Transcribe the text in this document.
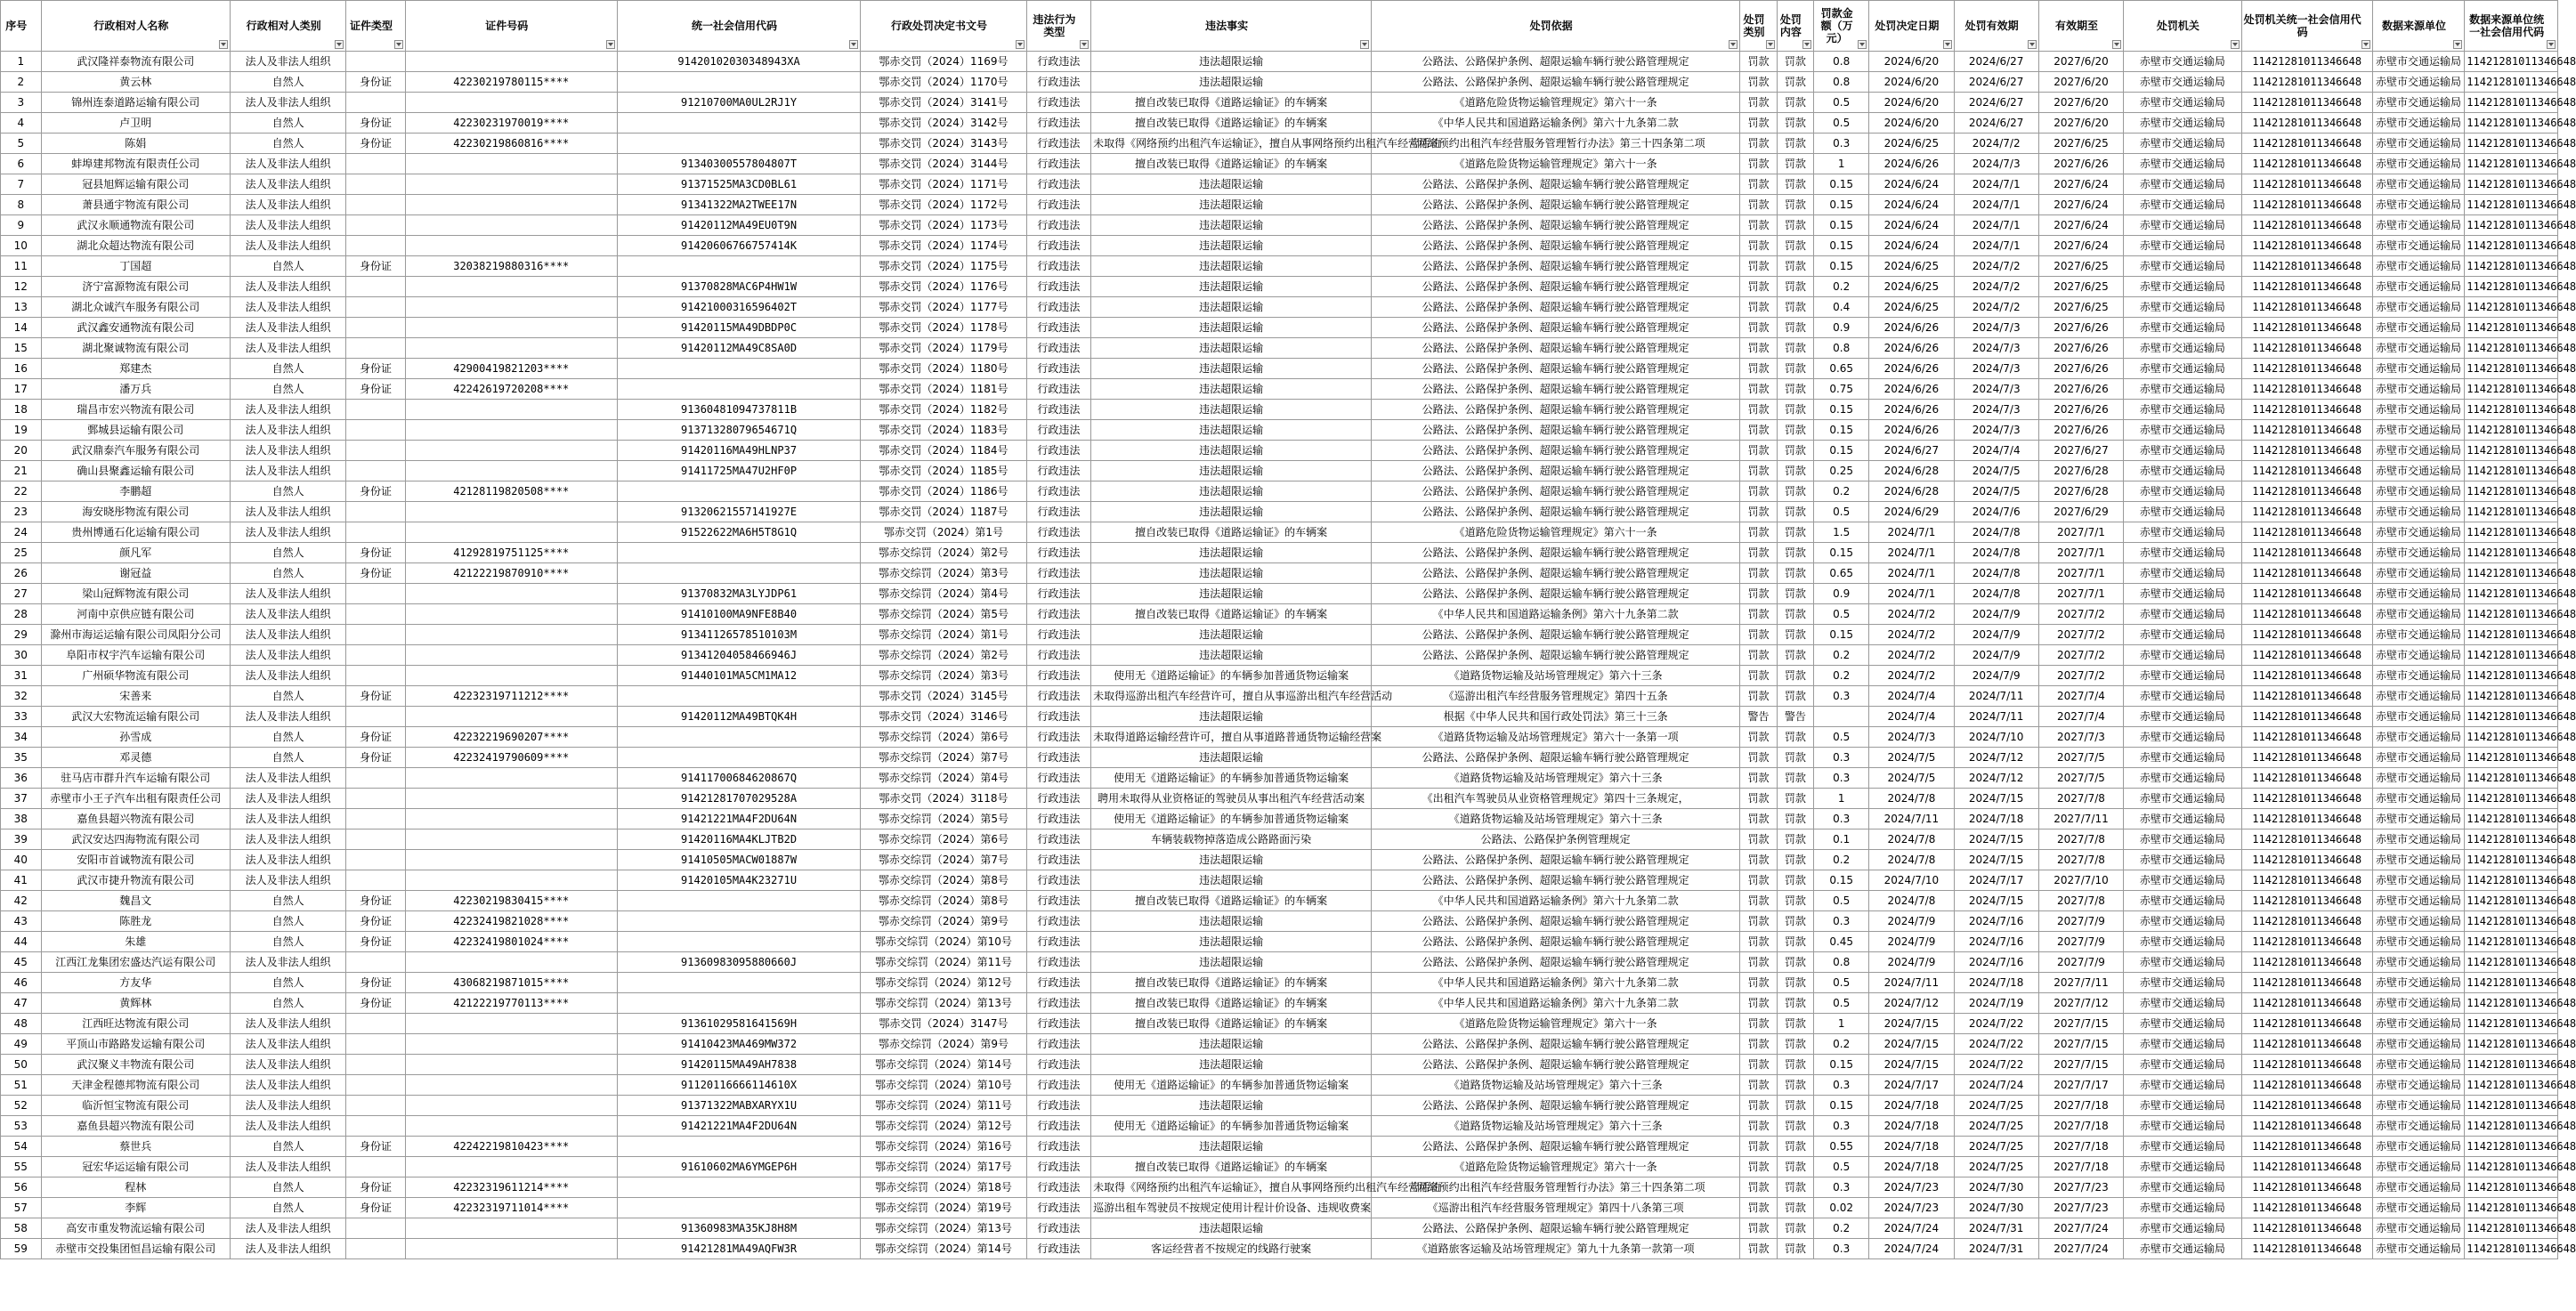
序号	行政相对人名称	行政相对人类别	证件类型	证件号码	统一社会信用代码	行政处罚决定书文号	违法行为类型	违法事实	处罚依据	处罚类别	处罚内容	罚款金额（万元）	处罚决定日期	处罚有效期	有效期至	处罚机关	处罚机关统一社会信用代码	数据来源单位	数据来源单位统一社会信用代码

1	武汉隆祥泰物流有限公司	法人及非法人组织			91420102030348943XA	鄂赤交罚（2024）1169号	行政违法	违法超限运输	公路法、公路保护条例、超限运输车辆行驶公路管理规定	罚款	罚款	0.8	2024/6/20	2024/6/27	2027/6/20	赤壁市交通运输局	11421281011346648	赤壁市交通运输局	11421281011346648
2	黄云林	自然人	身份证	42230219780115****		鄂赤交罚（2024）1170号	行政违法	违法超限运输	公路法、公路保护条例、超限运输车辆行驶公路管理规定	罚款	罚款	0.8	2024/6/20	2024/6/27	2027/6/20	赤壁市交通运输局	11421281011346648	赤壁市交通运输局	11421281011346648
3	锦州连泰道路运输有限公司	法人及非法人组织			91210700MA0UL2RJ1Y	鄂赤交罚（2024）3141号	行政违法	擅自改装已取得《道路运输证》的车辆案	《道路危险货物运输管理规定》第六十一条	罚款	罚款	0.5	2024/6/20	2024/6/27	2027/6/20	赤壁市交通运输局	11421281011346648	赤壁市交通运输局	11421281011346648
4	卢卫明	自然人	身份证	42230231970019****		鄂赤交罚（2024）3142号	行政违法	擅自改装已取得《道路运输证》的车辆案	《中华人民共和国道路运输条例》第六十九条第二款	罚款	罚款	0.5	2024/6/20	2024/6/27	2027/6/20	赤壁市交通运输局	11421281011346648	赤壁市交通运输局	11421281011346648
5	陈娟	自然人	身份证	42230219860816****		鄂赤交罚（2024）3143号	行政违法	未取得《网络预约出租汽车运输证》，擅自从事网络预约出租汽车经营活动	《网络预约出租汽车经营服务管理暂行办法》第三十四条第二项	罚款	罚款	0.3	2024/6/25	2024/7/2	2027/6/25	赤壁市交通运输局	11421281011346648	赤壁市交通运输局	11421281011346648
6	蚌埠建邦物流有限责任公司	法人及非法人组织			91340300557804807T	鄂赤交罚（2024）3144号	行政违法	擅自改装已取得《道路运输证》的车辆案	《道路危险货物运输管理规定》第六十一条	罚款	罚款	1	2024/6/26	2024/7/3	2027/6/26	赤壁市交通运输局	11421281011346648	赤壁市交通运输局	11421281011346648
7	冠县旭辉运输有限公司	法人及非法人组织			91371525MA3CD0BL61	鄂赤交罚（2024）1171号	行政违法	违法超限运输	公路法、公路保护条例、超限运输车辆行驶公路管理规定	罚款	罚款	0.15	2024/6/24	2024/7/1	2027/6/24	赤壁市交通运输局	11421281011346648	赤壁市交通运输局	11421281011346648
8	萧县通宇物流有限公司	法人及非法人组织			91341322MA2TWEE17N	鄂赤交罚（2024）1172号	行政违法	违法超限运输	公路法、公路保护条例、超限运输车辆行驶公路管理规定	罚款	罚款	0.15	2024/6/24	2024/7/1	2027/6/24	赤壁市交通运输局	11421281011346648	赤壁市交通运输局	11421281011346648
9	武汉永顺通物流有限公司	法人及非法人组织			91420112MA49EU0T9N	鄂赤交罚（2024）1173号	行政违法	违法超限运输	公路法、公路保护条例、超限运输车辆行驶公路管理规定	罚款	罚款	0.15	2024/6/24	2024/7/1	2027/6/24	赤壁市交通运输局	11421281011346648	赤壁市交通运输局	11421281011346648
10	湖北众超达物流有限公司	法人及非法人组织			91420606766757414K	鄂赤交罚（2024）1174号	行政违法	违法超限运输	公路法、公路保护条例、超限运输车辆行驶公路管理规定	罚款	罚款	0.15	2024/6/24	2024/7/1	2027/6/24	赤壁市交通运输局	11421281011346648	赤壁市交通运输局	11421281011346648
11	丁国超	自然人	身份证	32038219880316****		鄂赤交罚（2024）1175号	行政违法	违法超限运输	公路法、公路保护条例、超限运输车辆行驶公路管理规定	罚款	罚款	0.15	2024/6/25	2024/7/2	2027/6/25	赤壁市交通运输局	11421281011346648	赤壁市交通运输局	11421281011346648
12	济宁富源物流有限公司	法人及非法人组织			91370828MAC6P4HW1W	鄂赤交罚（2024）1176号	行政违法	违法超限运输	公路法、公路保护条例、超限运输车辆行驶公路管理规定	罚款	罚款	0.2	2024/6/25	2024/7/2	2027/6/25	赤壁市交通运输局	11421281011346648	赤壁市交通运输局	11421281011346648
13	湖北众诚汽车服务有限公司	法人及非法人组织			91421000316596402T	鄂赤交罚（2024）1177号	行政违法	违法超限运输	公路法、公路保护条例、超限运输车辆行驶公路管理规定	罚款	罚款	0.4	2024/6/25	2024/7/2	2027/6/25	赤壁市交通运输局	11421281011346648	赤壁市交通运输局	11421281011346648
14	武汉鑫安通物流有限公司	法人及非法人组织			91420115MA49DBDP0C	鄂赤交罚（2024）1178号	行政违法	违法超限运输	公路法、公路保护条例、超限运输车辆行驶公路管理规定	罚款	罚款	0.9	2024/6/26	2024/7/3	2027/6/26	赤壁市交通运输局	11421281011346648	赤壁市交通运输局	11421281011346648
15	湖北聚诚物流有限公司	法人及非法人组织			91420112MA49C8SA0D	鄂赤交罚（2024）1179号	行政违法	违法超限运输	公路法、公路保护条例、超限运输车辆行驶公路管理规定	罚款	罚款	0.8	2024/6/26	2024/7/3	2027/6/26	赤壁市交通运输局	11421281011346648	赤壁市交通运输局	11421281011346648
16	郑建杰	自然人	身份证	42900419821203****		鄂赤交罚（2024）1180号	行政违法	违法超限运输	公路法、公路保护条例、超限运输车辆行驶公路管理规定	罚款	罚款	0.65	2024/6/26	2024/7/3	2027/6/26	赤壁市交通运输局	11421281011346648	赤壁市交通运输局	11421281011346648
17	潘万兵	自然人	身份证	42242619720208****		鄂赤交罚（2024）1181号	行政违法	违法超限运输	公路法、公路保护条例、超限运输车辆行驶公路管理规定	罚款	罚款	0.75	2024/6/26	2024/7/3	2027/6/26	赤壁市交通运输局	11421281011346648	赤壁市交通运输局	11421281011346648
18	瑞昌市宏兴物流有限公司	法人及非法人组织			91360481094737811B	鄂赤交罚（2024）1182号	行政违法	违法超限运输	公路法、公路保护条例、超限运输车辆行驶公路管理规定	罚款	罚款	0.15	2024/6/26	2024/7/3	2027/6/26	赤壁市交通运输局	11421281011346648	赤壁市交通运输局	11421281011346648
19	鄄城县运输有限公司	法人及非法人组织			91371328079654671Q	鄂赤交罚（2024）1183号	行政违法	违法超限运输	公路法、公路保护条例、超限运输车辆行驶公路管理规定	罚款	罚款	0.15	2024/6/26	2024/7/3	2027/6/26	赤壁市交通运输局	11421281011346648	赤壁市交通运输局	11421281011346648
20	武汉鼎泰汽车服务有限公司	法人及非法人组织			91420116MA49HLNP37	鄂赤交罚（2024）1184号	行政违法	违法超限运输	公路法、公路保护条例、超限运输车辆行驶公路管理规定	罚款	罚款	0.15	2024/6/27	2024/7/4	2027/6/27	赤壁市交通运输局	11421281011346648	赤壁市交通运输局	11421281011346648
21	确山县聚鑫运输有限公司	法人及非法人组织			91411725MA47U2HF0P	鄂赤交罚（2024）1185号	行政违法	违法超限运输	公路法、公路保护条例、超限运输车辆行驶公路管理规定	罚款	罚款	0.25	2024/6/28	2024/7/5	2027/6/28	赤壁市交通运输局	11421281011346648	赤壁市交通运输局	11421281011346648
22	李鹏超	自然人	身份证	42128119820508****		鄂赤交罚（2024）1186号	行政违法	违法超限运输	公路法、公路保护条例、超限运输车辆行驶公路管理规定	罚款	罚款	0.2	2024/6/28	2024/7/5	2027/6/28	赤壁市交通运输局	11421281011346648	赤壁市交通运输局	11421281011346648
23	海安晓彤物流有限公司	法人及非法人组织			91320621557141927E	鄂赤交罚（2024）1187号	行政违法	违法超限运输	公路法、公路保护条例、超限运输车辆行驶公路管理规定	罚款	罚款	0.5	2024/6/29	2024/7/6	2027/6/29	赤壁市交通运输局	11421281011346648	赤壁市交通运输局	11421281011346648
24	贵州博通石化运输有限公司	法人及非法人组织			91522622MA6H5T8G1Q	鄂赤交罚（2024）第1号	行政违法	擅自改装已取得《道路运输证》的车辆案	《道路危险货物运输管理规定》第六十一条	罚款	罚款	1.5	2024/7/1	2024/7/8	2027/7/1	赤壁市交通运输局	11421281011346648	赤壁市交通运输局	11421281011346648
25	颜凡军	自然人	身份证	41292819751125****		鄂赤交综罚（2024）第2号	行政违法	违法超限运输	公路法、公路保护条例、超限运输车辆行驶公路管理规定	罚款	罚款	0.15	2024/7/1	2024/7/8	2027/7/1	赤壁市交通运输局	11421281011346648	赤壁市交通运输局	11421281011346648
26	谢冠益	自然人	身份证	42122219870910****		鄂赤交综罚（2024）第3号	行政违法	违法超限运输	公路法、公路保护条例、超限运输车辆行驶公路管理规定	罚款	罚款	0.65	2024/7/1	2024/7/8	2027/7/1	赤壁市交通运输局	11421281011346648	赤壁市交通运输局	11421281011346648
27	梁山冠辉物流有限公司	法人及非法人组织			91370832MA3LYJDP61	鄂赤交综罚（2024）第4号	行政违法	违法超限运输	公路法、公路保护条例、超限运输车辆行驶公路管理规定	罚款	罚款	0.9	2024/7/1	2024/7/8	2027/7/1	赤壁市交通运输局	11421281011346648	赤壁市交通运输局	11421281011346648
28	河南中京供应链有限公司	法人及非法人组织			91410100MA9NFE8B40	鄂赤交综罚（2024）第5号	行政违法	擅自改装已取得《道路运输证》的车辆案	《中华人民共和国道路运输条例》第六十九条第二款	罚款	罚款	0.5	2024/7/2	2024/7/9	2027/7/2	赤壁市交通运输局	11421281011346648	赤壁市交通运输局	11421281011346648
29	滁州市海运运输有限公司凤阳分公司	法人及非法人组织			91341126578510103M	鄂赤交综罚（2024）第1号	行政违法	违法超限运输	公路法、公路保护条例、超限运输车辆行驶公路管理规定	罚款	罚款	0.15	2024/7/2	2024/7/9	2027/7/2	赤壁市交通运输局	11421281011346648	赤壁市交通运输局	11421281011346648
30	阜阳市权宇汽车运输有限公司	法人及非法人组织			91341204058466946J	鄂赤交综罚（2024）第2号	行政违法	违法超限运输	公路法、公路保护条例、超限运输车辆行驶公路管理规定	罚款	罚款	0.2	2024/7/2	2024/7/9	2027/7/2	赤壁市交通运输局	11421281011346648	赤壁市交通运输局	11421281011346648
31	广州硕华物流有限公司	法人及非法人组织			91440101MA5CM1MA12	鄂赤交综罚（2024）第3号	行政违法	使用无《道路运输证》的车辆参加普通货物运输案	《道路货物运输及站场管理规定》第六十三条	罚款	罚款	0.2	2024/7/2	2024/7/9	2027/7/2	赤壁市交通运输局	11421281011346648	赤壁市交通运输局	11421281011346648
32	宋善来	自然人	身份证	42232319711212****		鄂赤交罚（2024）3145号	行政违法	未取得巡游出租汽车经营许可，擅自从事巡游出租汽车经营活动	《巡游出租汽车经营服务管理规定》第四十五条	罚款	罚款	0.3	2024/7/4	2024/7/11	2027/7/4	赤壁市交通运输局	11421281011346648	赤壁市交通运输局	11421281011346648
33	武汉大宏物流运输有限公司	法人及非法人组织			91420112MA49BTQK4H	鄂赤交罚（2024）3146号	行政违法	违法超限运输	根据《中华人民共和国行政处罚法》第三十三条	警告	警告		2024/7/4	2024/7/11	2027/7/4	赤壁市交通运输局	11421281011346648	赤壁市交通运输局	11421281011346648
34	孙雪成	自然人	身份证	42232219690207****		鄂赤交综罚（2024）第6号	行政违法	未取得道路运输经营许可，擅自从事道路普通货物运输经营案	《道路货物运输及站场管理规定》第六十一条第一项	罚款	罚款	0.5	2024/7/3	2024/7/10	2027/7/3	赤壁市交通运输局	11421281011346648	赤壁市交通运输局	11421281011346648
35	邓灵德	自然人	身份证	42232419790609****		鄂赤交综罚（2024）第7号	行政违法	违法超限运输	公路法、公路保护条例、超限运输车辆行驶公路管理规定	罚款	罚款	0.3	2024/7/5	2024/7/12	2027/7/5	赤壁市交通运输局	11421281011346648	赤壁市交通运输局	11421281011346648
36	驻马店市群升汽车运输有限公司	法人及非法人组织			91411700684620867Q	鄂赤交综罚（2024）第4号	行政违法	使用无《道路运输证》的车辆参加普通货物运输案	《道路货物运输及站场管理规定》第六十三条	罚款	罚款	0.3	2024/7/5	2024/7/12	2027/7/5	赤壁市交通运输局	11421281011346648	赤壁市交通运输局	11421281011346648
37	赤壁市小王子汽车出租有限责任公司	法人及非法人组织			91421281707029528A	鄂赤交罚（2024）3118号	行政违法	聘用未取得从业资格证的驾驶员从事出租汽车经营活动案	《出租汽车驾驶员从业资格管理规定》第四十三条规定，	罚款	罚款	1	2024/7/8	2024/7/15	2027/7/8	赤壁市交通运输局	11421281011346648	赤壁市交通运输局	11421281011346648
38	嘉鱼县超兴物流有限公司	法人及非法人组织			91421221MA4F2DU64N	鄂赤交综罚（2024）第5号	行政违法	使用无《道路运输证》的车辆参加普通货物运输案	《道路货物运输及站场管理规定》第六十三条	罚款	罚款	0.3	2024/7/11	2024/7/18	2027/7/11	赤壁市交通运输局	11421281011346648	赤壁市交通运输局	11421281011346648
39	武汉安达四海物流有限公司	法人及非法人组织			91420116MA4KLJTB2D	鄂赤交综罚（2024）第6号	行政违法	车辆装载物掉落造成公路路面污染	公路法、公路保护条例管理规定	罚款	罚款	0.1	2024/7/8	2024/7/15	2027/7/8	赤壁市交通运输局	11421281011346648	赤壁市交通运输局	11421281011346648
40	安阳市首诚物流有限公司	法人及非法人组织			91410505MACW01887W	鄂赤交综罚（2024）第7号	行政违法	违法超限运输	公路法、公路保护条例、超限运输车辆行驶公路管理规定	罚款	罚款	0.2	2024/7/8	2024/7/15	2027/7/8	赤壁市交通运输局	11421281011346648	赤壁市交通运输局	11421281011346648
41	武汉市捷升物流有限公司	法人及非法人组织			91420105MA4K23271U	鄂赤交综罚（2024）第8号	行政违法	违法超限运输	公路法、公路保护条例、超限运输车辆行驶公路管理规定	罚款	罚款	0.15	2024/7/10	2024/7/17	2027/7/10	赤壁市交通运输局	11421281011346648	赤壁市交通运输局	11421281011346648
42	魏昌文	自然人	身份证	42230219830415****		鄂赤交综罚（2024）第8号	行政违法	擅自改装已取得《道路运输证》的车辆案	《中华人民共和国道路运输条例》第六十九条第二款	罚款	罚款	0.5	2024/7/8	2024/7/15	2027/7/8	赤壁市交通运输局	11421281011346648	赤壁市交通运输局	11421281011346648
43	陈胜龙	自然人	身份证	42232419821028****		鄂赤交综罚（2024）第9号	行政违法	违法超限运输	公路法、公路保护条例、超限运输车辆行驶公路管理规定	罚款	罚款	0.3	2024/7/9	2024/7/16	2027/7/9	赤壁市交通运输局	11421281011346648	赤壁市交通运输局	11421281011346648
44	朱雄	自然人	身份证	42232419801024****		鄂赤交综罚（2024）第10号	行政违法	违法超限运输	公路法、公路保护条例、超限运输车辆行驶公路管理规定	罚款	罚款	0.45	2024/7/9	2024/7/16	2027/7/9	赤壁市交通运输局	11421281011346648	赤壁市交通运输局	11421281011346648
45	江西江龙集团宏盛达汽运有限公司	法人及非法人组织			91360983095880660J	鄂赤交综罚（2024）第11号	行政违法	违法超限运输	公路法、公路保护条例、超限运输车辆行驶公路管理规定	罚款	罚款	0.8	2024/7/9	2024/7/16	2027/7/9	赤壁市交通运输局	11421281011346648	赤壁市交通运输局	11421281011346648
46	方友华	自然人	身份证	43068219871015****		鄂赤交综罚（2024）第12号	行政违法	擅自改装已取得《道路运输证》的车辆案	《中华人民共和国道路运输条例》第六十九条第二款	罚款	罚款	0.5	2024/7/11	2024/7/18	2027/7/11	赤壁市交通运输局	11421281011346648	赤壁市交通运输局	11421281011346648
47	黄辉林	自然人	身份证	42122219770113****		鄂赤交综罚（2024）第13号	行政违法	擅自改装已取得《道路运输证》的车辆案	《中华人民共和国道路运输条例》第六十九条第二款	罚款	罚款	0.5	2024/7/12	2024/7/19	2027/7/12	赤壁市交通运输局	11421281011346648	赤壁市交通运输局	11421281011346648
48	江西旺达物流有限公司	法人及非法人组织			91361029581641569H	鄂赤交罚（2024）3147号	行政违法	擅自改装已取得《道路运输证》的车辆案	《道路危险货物运输管理规定》第六十一条	罚款	罚款	1	2024/7/15	2024/7/22	2027/7/15	赤壁市交通运输局	11421281011346648	赤壁市交通运输局	11421281011346648
49	平顶山市路路发运输有限公司	法人及非法人组织			91410423MA469MW372	鄂赤交综罚（2024）第9号	行政违法	违法超限运输	公路法、公路保护条例、超限运输车辆行驶公路管理规定	罚款	罚款	0.2	2024/7/15	2024/7/22	2027/7/15	赤壁市交通运输局	11421281011346648	赤壁市交通运输局	11421281011346648
50	武汉聚义丰物流有限公司	法人及非法人组织			91420115MA49AH7838	鄂赤交综罚（2024）第14号	行政违法	违法超限运输	公路法、公路保护条例、超限运输车辆行驶公路管理规定	罚款	罚款	0.15	2024/7/15	2024/7/22	2027/7/15	赤壁市交通运输局	11421281011346648	赤壁市交通运输局	11421281011346648
51	天津金程德邦物流有限公司	法人及非法人组织			91120116666114610X	鄂赤交综罚（2024）第10号	行政违法	使用无《道路运输证》的车辆参加普通货物运输案	《道路货物运输及站场管理规定》第六十三条	罚款	罚款	0.3	2024/7/17	2024/7/24	2027/7/17	赤壁市交通运输局	11421281011346648	赤壁市交通运输局	11421281011346648
52	临沂恒宝物流有限公司	法人及非法人组织			91371322MABXARYX1U	鄂赤交综罚（2024）第11号	行政违法	违法超限运输	公路法、公路保护条例、超限运输车辆行驶公路管理规定	罚款	罚款	0.15	2024/7/18	2024/7/25	2027/7/18	赤壁市交通运输局	11421281011346648	赤壁市交通运输局	11421281011346648
53	嘉鱼县超兴物流有限公司	法人及非法人组织			91421221MA4F2DU64N	鄂赤交综罚（2024）第12号	行政违法	使用无《道路运输证》的车辆参加普通货物运输案	《道路货物运输及站场管理规定》第六十三条	罚款	罚款	0.3	2024/7/18	2024/7/25	2027/7/18	赤壁市交通运输局	11421281011346648	赤壁市交通运输局	11421281011346648
54	蔡世兵	自然人	身份证	42242219810423****		鄂赤交综罚（2024）第16号	行政违法	违法超限运输	公路法、公路保护条例、超限运输车辆行驶公路管理规定	罚款	罚款	0.55	2024/7/18	2024/7/25	2027/7/18	赤壁市交通运输局	11421281011346648	赤壁市交通运输局	11421281011346648
55	冠宏华运运输有限公司	法人及非法人组织			91610602MA6YMGEP6H	鄂赤交综罚（2024）第17号	行政违法	擅自改装已取得《道路运输证》的车辆案	《道路危险货物运输管理规定》第六十一条	罚款	罚款	0.5	2024/7/18	2024/7/25	2027/7/18	赤壁市交通运输局	11421281011346648	赤壁市交通运输局	11421281011346648
56	程林	自然人	身份证	42232319611214****		鄂赤交综罚（2024）第18号	行政违法	未取得《网络预约出租汽车运输证》，擅自从事网络预约出租汽车经营活动	《网络预约出租汽车经营服务管理暂行办法》第三十四条第二项	罚款	罚款	0.3	2024/7/23	2024/7/30	2027/7/23	赤壁市交通运输局	11421281011346648	赤壁市交通运输局	11421281011346648
57	李辉	自然人	身份证	42232319711014****		鄂赤交综罚（2024）第19号	行政违法	巡游出租车驾驶员不按规定使用计程计价设备、违规收费案	《巡游出租汽车经营服务管理规定》第四十八条第三项	罚款	罚款	0.02	2024/7/23	2024/7/30	2027/7/23	赤壁市交通运输局	11421281011346648	赤壁市交通运输局	11421281011346648
58	高安市重发物流运输有限公司	法人及非法人组织			91360983MA35KJ8H8M	鄂赤交综罚（2024）第13号	行政违法	违法超限运输	公路法、公路保护条例、超限运输车辆行驶公路管理规定	罚款	罚款	0.2	2024/7/24	2024/7/31	2027/7/24	赤壁市交通运输局	11421281011346648	赤壁市交通运输局	11421281011346648
59	赤壁市交投集团恒昌运输有限公司	法人及非法人组织			91421281MA49AQFW3R	鄂赤交综罚（2024）第14号	行政违法	客运经营者不按规定的线路行驶案	《道路旅客运输及站场管理规定》第九十九条第一款第一项	罚款	罚款	0.3	2024/7/24	2024/7/31	2027/7/24	赤壁市交通运输局	11421281011346648	赤壁市交通运输局	11421281011346648
